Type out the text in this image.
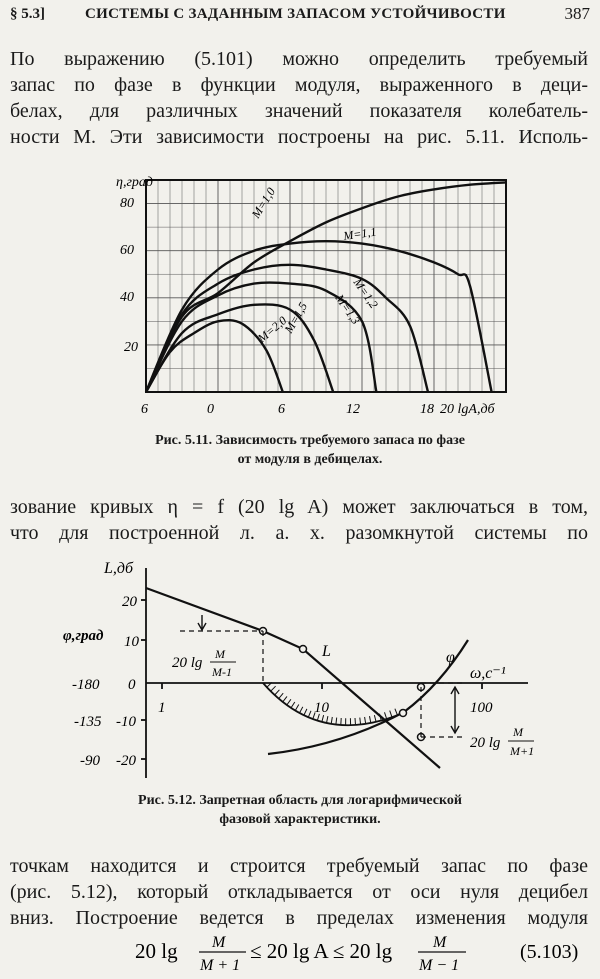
§ 5.3]	СИСТЕМЫ С ЗАДАННЫМ ЗАПАСОМ УСТОЙЧИВОСТИ	387
По выражению (5.101) можно определить требуемый
запас по фазе в функции модуля, выраженного в деци-
белах, для различных значений показателя колебатель-
ности M. Эти зависимости построены на рис. 5.11. Исполь-
η,град
80
60
40
20
6	0	6	12	18 20 lgA,дб
M=1,0
M=1,1
M=1,2
M=1,3
M=1,5
M=2,0
Рис. 5.11. Зависимость требуемого запаса по фазе
от модуля в дебицелах.
зование кривых η = f (20 lg A) может заключаться в том,
что для построенной л. а. х. разомкнутой системы по
L,дб
φ,град
ω,с⁻¹
20
10
0
-10
-20
-180
-135
-90
1	10	100
L	φ
20 lg
M
M-1
20 lg
M
M+1
Рис. 5.12. Запретная область для логарифмической
фазовой характеристики.
точкам находится и строится требуемый запас по фазе
(рис. 5.12), который откладывается от оси нуля децибел
вниз. Построение ведется в пределах изменения модуля
20 lg M
M + 1
≤ 20 lg A ≤ 20 lg	M
M − 1
(5.103)
